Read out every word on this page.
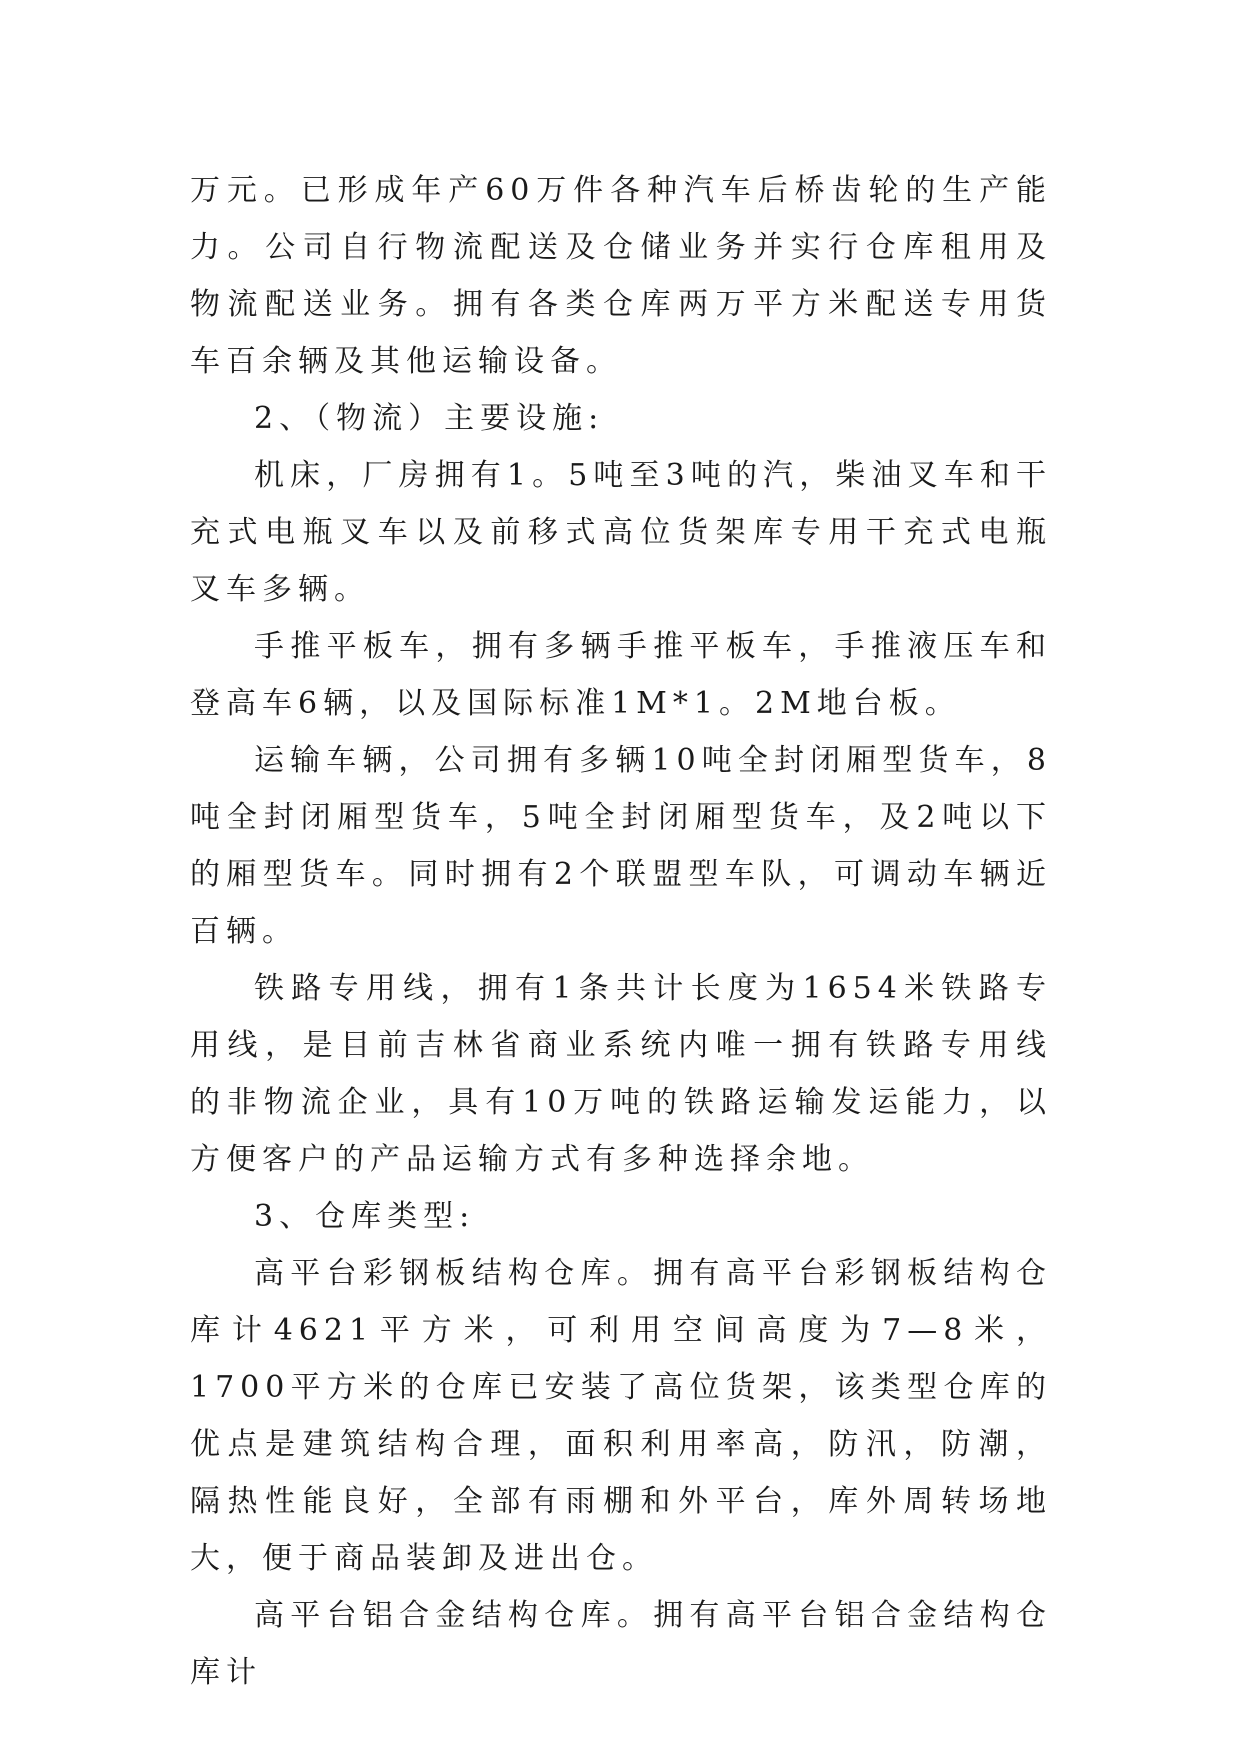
万元。已形成年产60万件各种汽车后桥齿轮的生产能力。公司自行物流配送及仓储业务并实行仓库租用及物流配送业务。拥有各类仓库两万平方米配送专用货车百余辆及其他运输设备。

2、（物流）主要设施:

机床，厂房拥有1。5吨至3吨的汽，柴油叉车和干充式电瓶叉车以及前移式高位货架库专用干充式电瓶叉车多辆。

手推平板车，拥有多辆手推平板车，手推液压车和登高车6辆，以及国际标准1M*1。2M地台板。

运输车辆，公司拥有多辆10吨全封闭厢型货车，8吨全封闭厢型货车，5吨全封闭厢型货车，及2吨以下的厢型货车。同时拥有2个联盟型车队，可调动车辆近百辆。

铁路专用线，拥有1条共计长度为1654米铁路专用线，是目前吉林省商业系统内唯一拥有铁路专用线的非物流企业，具有10万吨的铁路运输发运能力，以方便客户的产品运输方式有多种选择余地。

3、仓库类型:

高平台彩钢板结构仓库。拥有高平台彩钢板结构仓库计4621平方米，可利用空间高度为7—8米，1700平方米的仓库已安装了高位货架，该类型仓库的优点是建筑结构合理，面积利用率高，防汛，防潮，隔热性能良好，全部有雨棚和外平台，库外周转场地大，便于商品装卸及进出仓。

高平台铝合金结构仓库。拥有高平台铝合金结构仓库计
